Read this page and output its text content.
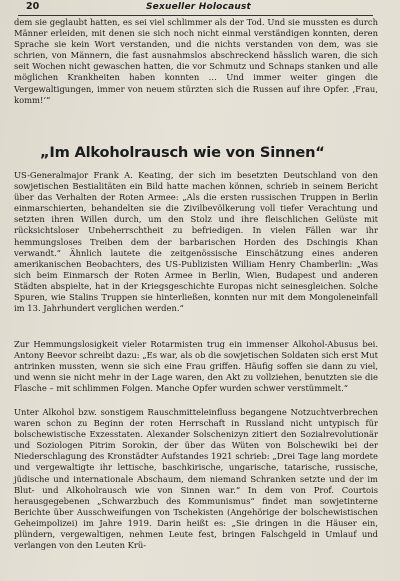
20	Sexueller Holocaust

dem sie geglaubt hatten, es sei viel schlimmer als der Tod. Und sie mussten es durch Männer erleiden, mit denen sie sich noch nicht einmal verständigen konnten, deren Sprache sie kein Wort verstanden, und die nichts verstanden von dem, was sie schrien, von Männern, die fast ausnahmslos abschreckend hässlich waren, die sich seit Wochen nicht gewaschen hatten, die vor Schmutz und Schnaps stanken und alle möglichen Krankheiten haben konnten … Und immer weiter gingen die Vergewaltigungen, immer von neuem stürzten sich die Russen auf ihre Opfer. ‚Frau, komm!‘“

„Im Alkoholrausch wie von Sinnen“

US-Generalmajor Frank A. Keating, der sich im besetzten Deutschland von den sowjetischen Bestialitäten ein Bild hatte machen können, schrieb in seinem Bericht über das Verhalten der Roten Armee: „Als die ersten russischen Truppen in Berlin einmarschierten, behandelten sie die Zivilbevölkerung voll tiefer Verachtung und setzten ihren Willen durch, um den Stolz und ihre fleischlichen Gelüste mit rücksichtsloser Unbeherrschtheit zu befriedigen. In vielen Fällen war ihr hemmungsloses Treiben dem der barbarischen Horden des Dschingis Khan verwandt.“ Ähnlich lautete die zeitgenössische Einschätzung eines anderen amerikanischen Beobachters, des US-Publizisten William Henry Chamberlin: „Was sich beim Einmarsch der Roten Armee in Berlin, Wien, Budapest und anderen Städten abspielte, hat in der Kriegsgeschichte Europas nicht seinesgleichen. Solche Spuren, wie Stalins Truppen sie hinterließen, konnten nur mit dem Mongoleneinfall im 13. Jahrhundert verglichen werden.“

Zur Hemmungslosigkeit vieler Rotarmisten trug ein immenser Alkohol-Abusus bei. Antony Beevor schreibt dazu: „Es war, als ob die sowjetischen Soldaten sich erst Mut antrinken mussten, wenn sie sich eine Frau griffen. Häufig soffen sie dann zu viel, und wenn sie nicht mehr in der Lage waren, den Akt zu vollziehen, benutzten sie die Flasche – mit schlimmen Folgen. Manche Opfer wurden schwer verstümmelt.“

Unter Alkohol bzw. sonstigem Rauschmitteleinfluss begangene Notzuchtverbrechen waren schon zu Beginn der roten Herrschaft in Russland nicht untypisch für bolschewistische Exzesstaten. Alexander Solschenizyn zitiert den Sozialrevolutionär und Soziologen Pitrim Sorokin, der über das Wüten von Bolschewiki bei der Niederschlagung des Kronstädter Aufstandes 1921 schrieb: „Drei Tage lang mordete und vergewaltigte ihr lettische, baschkirische, ungarische, tatarische, russische, jüdische und internationale Abschaum, dem niemand Schranken setzte und der im Blut- und Alkoholrausch wie von Sinnen war.“ In dem von Prof. Courtois herausgegebenen „Schwarzbuch des Kommunismus“ findet man sowjetinterne Berichte über Ausschweifungen von Tschekisten (Angehörige der bolschewistischen Geheimpolizei) im Jahre 1919. Darin heißt es: „Sie dringen in die Häuser ein, plündern, vergewaltigen, nehmen Leute fest, bringen Falschgeld in Umlauf und verlangen von den Leuten Krü-
